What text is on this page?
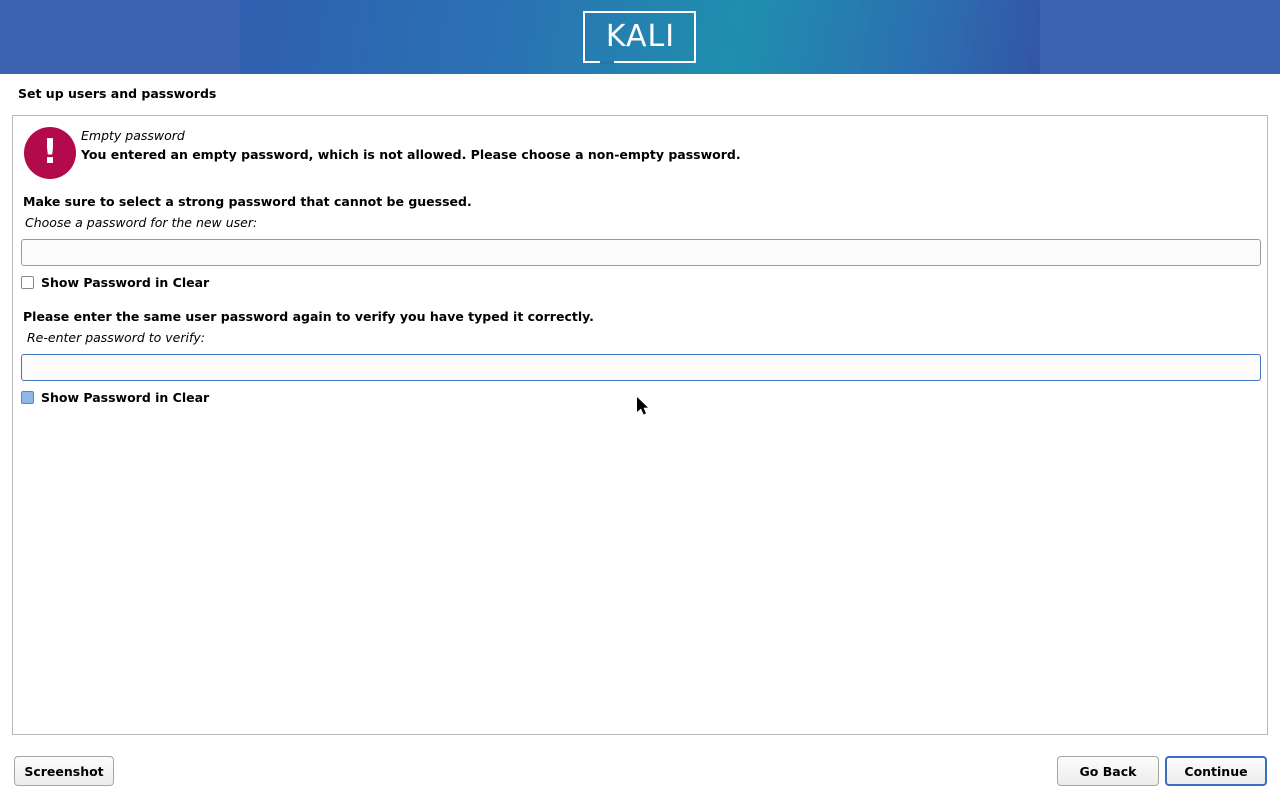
KALI
Set up users and passwords
! Empty password
You entered an empty password, which is not allowed. Please choose a non-empty password.
Make sure to select a strong password that cannot be guessed.
Choose a password for the new user:
Show Password in Clear
Please enter the same user password again to verify you have typed it correctly.
Re-enter password to verify:
Show Password in Clear
Screenshot	Go Back	Continue
